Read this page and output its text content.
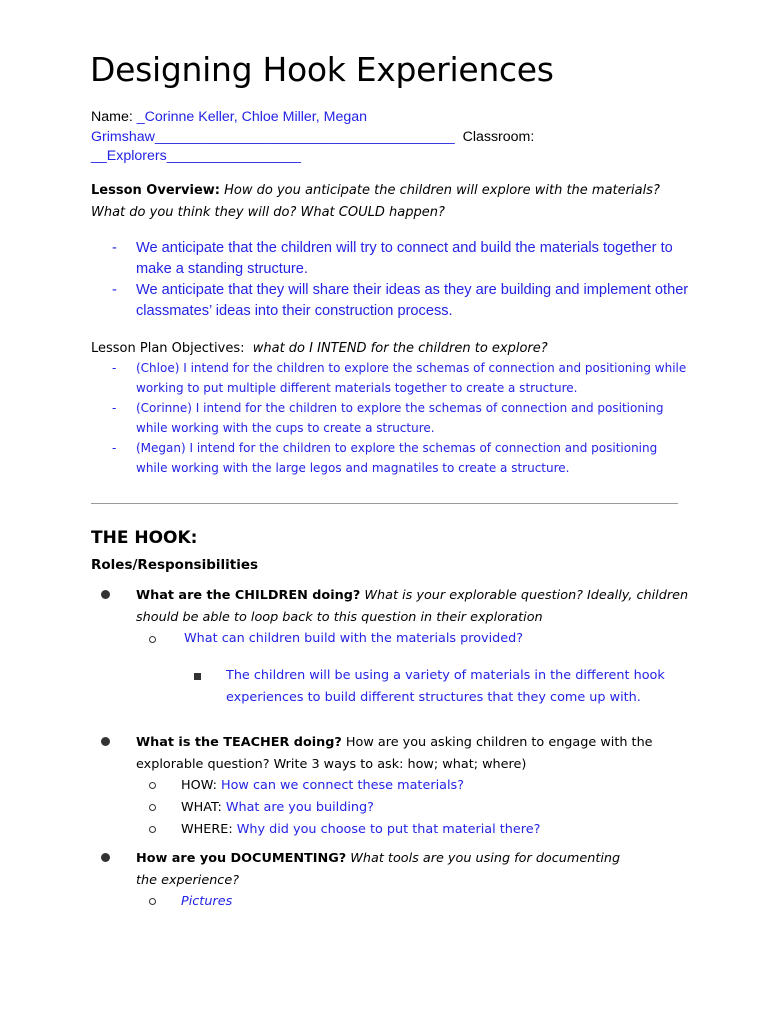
Designing Hook Experiences
Name: _Corinne Keller, Chloe Miller, Megan
Grimshaw______________________________________ Classroom:
__Explorers_________________
Lesson Overview: How do you anticipate the children will explore with the materials? What do you think they will do? What COULD happen?
- We anticipate that the children will try to connect and build the materials together to make a standing structure.
- We anticipate that they will share their ideas as they are building and implement other classmates’ ideas into their construction process.
Lesson Plan Objectives: what do I INTEND for the children to explore?
- (Chloe) I intend for the children to explore the schemas of connection and positioning while working to put multiple different materials together to create a structure.
- (Corinne) I intend for the children to explore the schemas of connection and positioning while working with the cups to create a structure.
- (Megan) I intend for the children to explore the schemas of connection and positioning while working with the large legos and magnatiles to create a structure.
THE HOOK:
Roles/Responsibilities
What are the CHILDREN doing? What is your explorable question? Ideally, children should be able to loop back to this question in their exploration
What can children build with the materials provided?
The children will be using a variety of materials in the different hook experiences to build different structures that they come up with.
What is the TEACHER doing? How are you asking children to engage with the explorable question? Write 3 ways to ask: how; what; where)
HOW: How can we connect these materials?
WHAT: What are you building?
WHERE: Why did you choose to put that material there?
How are you DOCUMENTING? What tools are you using for documenting the experience?
Pictures
